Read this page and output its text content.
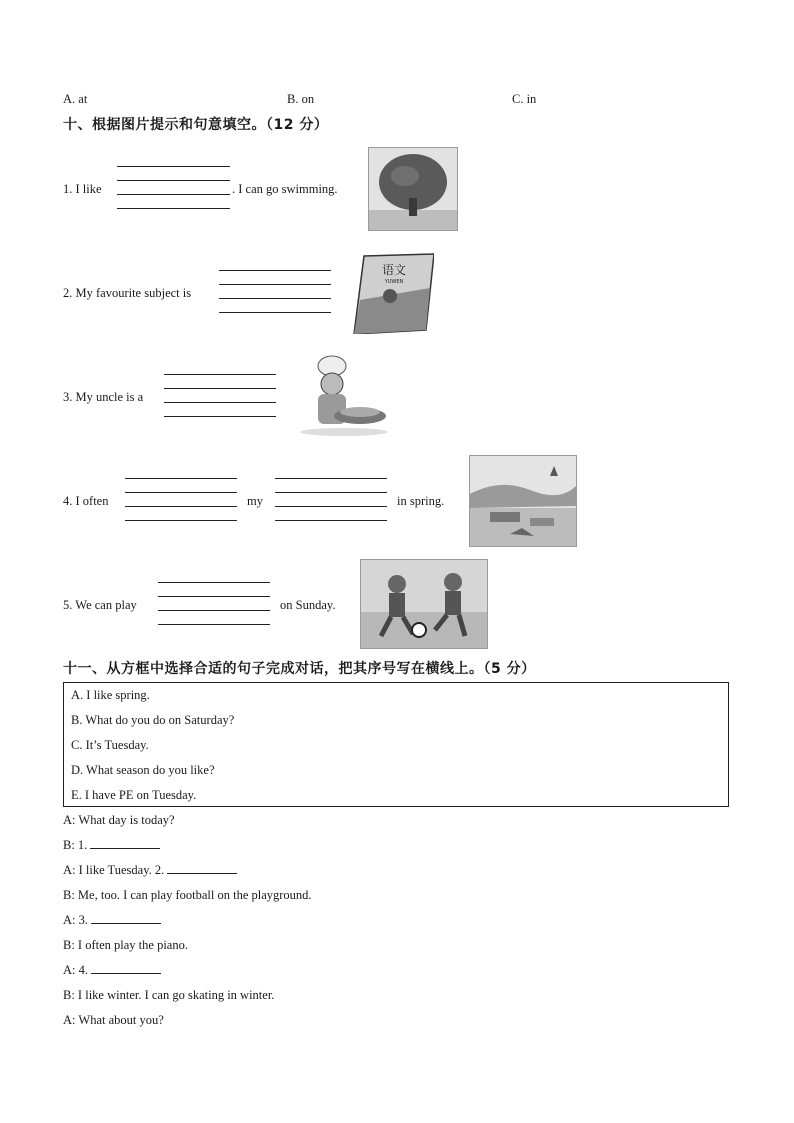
A. at	B. on	C. in
十、根据图片提示和句意填空。（12 分）
1. I like	. I can go swimming.
2. My favourite subject is
语文
YUWEN
3. My uncle is a
4. I often	my	in spring.
5. We can play	on Sunday.
十一、从方框中选择合适的句子完成对话，把其序号写在横线上。（5 分）
A. I like spring.
B. What do you do on Saturday?
C. It’s Tuesday.
D. What season do you like?
E. I have PE on Tuesday.
A: What day is today?
B: 1.
A: I like Tuesday. 2.
B: Me, too. I can play football on the playground.
A: 3.
B: I often play the piano.
A: 4.
B: I like winter. I can go skating in winter.
A: What about you?
